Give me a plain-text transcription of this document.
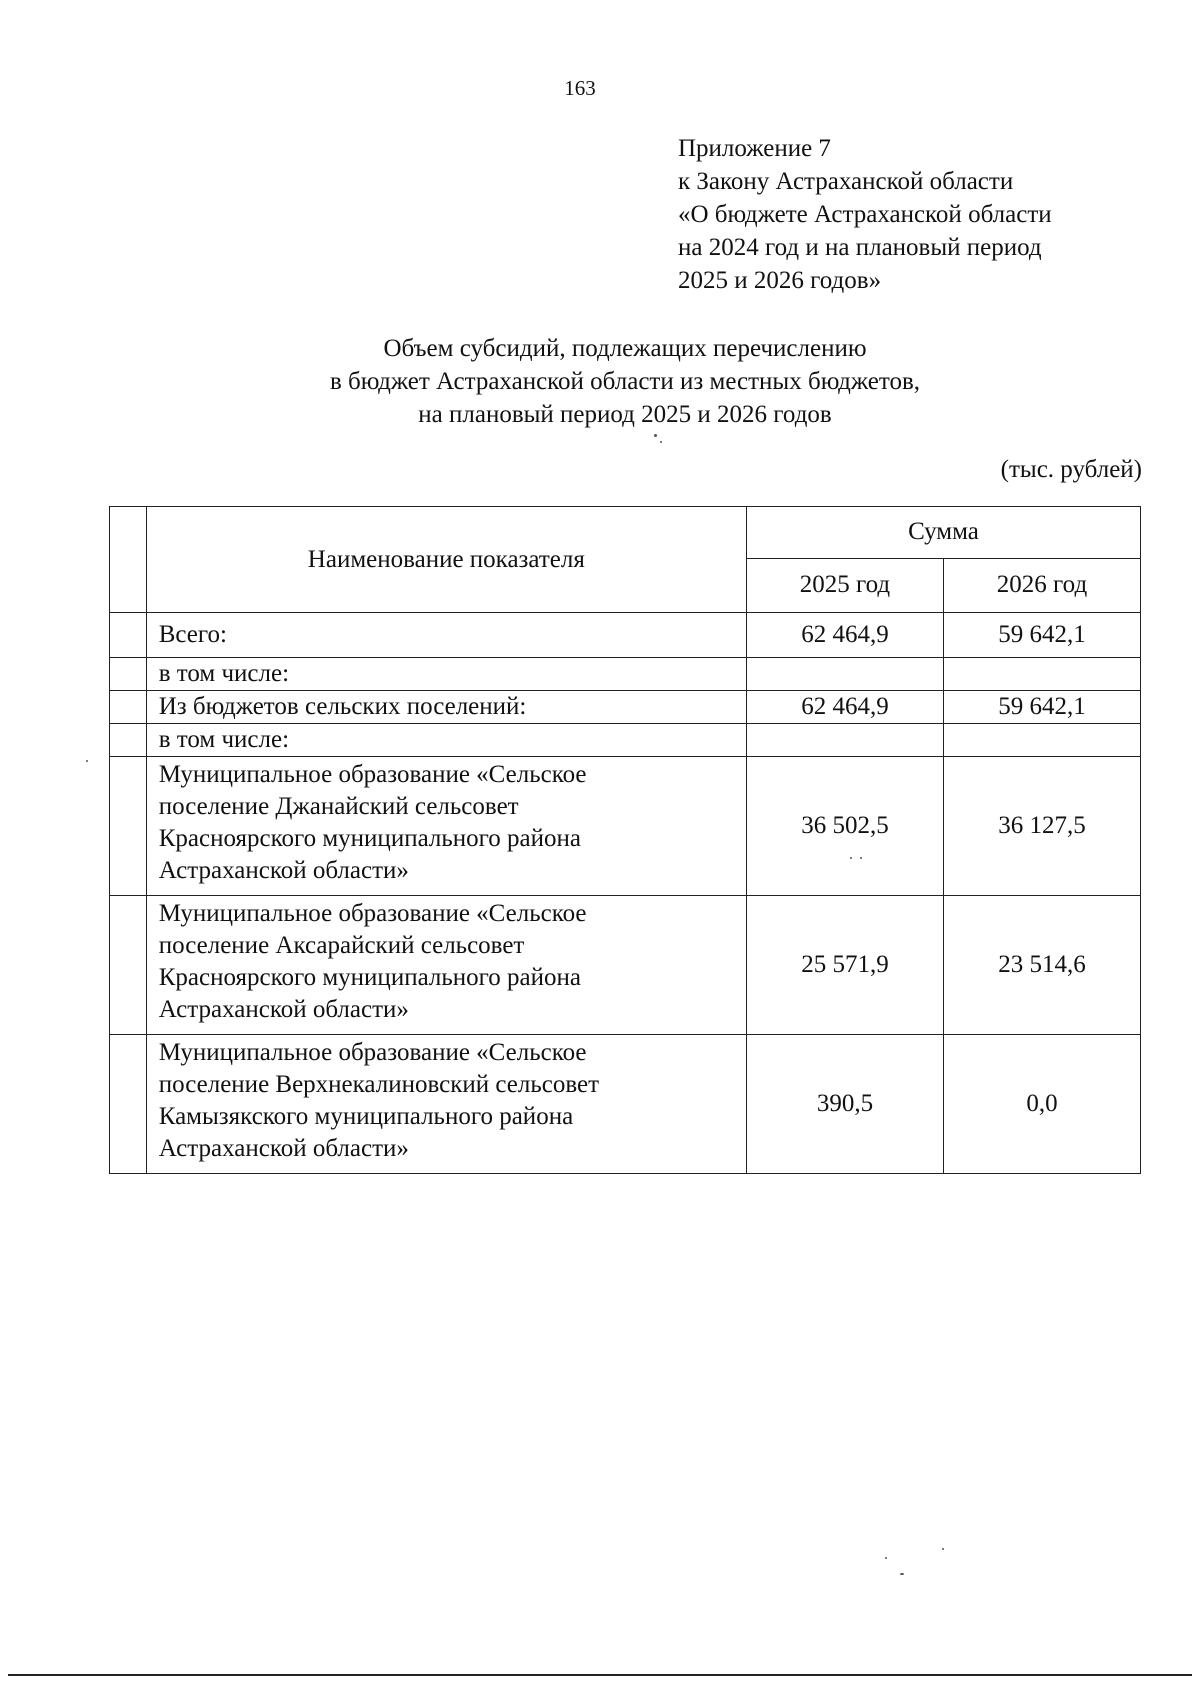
163
Приложение 7
к Закону Астраханской области
«О бюджете Астраханской области
на 2024 год и на плановый период
2025 и 2026 годов»
Объем субсидий, подлежащих перечислению
в бюджет Астраханской области из местных бюджетов,
на плановый период 2025 и 2026 годов
(тыс. рублей)
	Наименование показателя	Сумма	
		2025 год	2026 год
	Всего:	62 464,9	59 642,1
	в том числе:		
	Из бюджетов сельских поселений:	62 464,9	59 642,1
	в том числе:		

	Муниципальное образование «Сельское
поселение Джанайский сельсовет
Красноярского муниципального района
Астраханской области»	36 502,5	36 127,5

	Муниципальное образование «Сельское
поселение Аксарайский сельсовет
Красноярского муниципального района
Астраханской области»	25 571,9	23 514,6

	Муниципальное образование «Сельское
поселение Верхнекалиновский сельсовет
Камызякского муниципального района
Астраханской области»	390,5	0,0
